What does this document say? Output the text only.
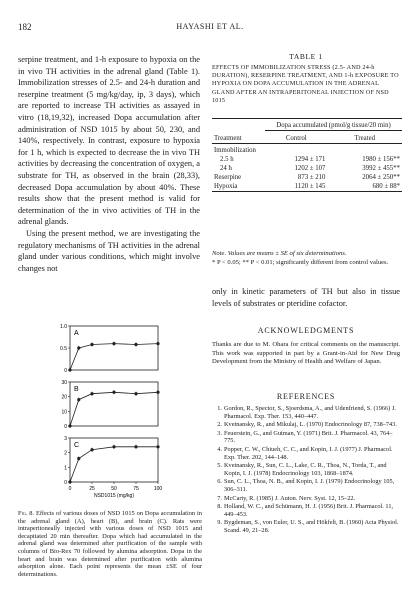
182	HAYASHI ET AL.

serpine treatment, and 1-h exposure to hypoxia on the in vivo TH activities in the adrenal gland (Table 1). Immobilization stresses of 2.5- and 24-h duration and reserpine treatment (5 mg/kg/day, ip, 3 days), which are reported to increase TH activities as assayed in vitro (18,19,32), increased Dopa accumulation after administration of NSD 1015 by about 50, 230, and 140%, respectively. In contrast, exposure to hypoxia for 1 h, which is expected to decrease the in vivo TH activities by decreasing the concentration of oxygen, a substrate for TH, as observed in the brain (28,33), decreased Dopa accumulation by about 40%. These results show that the present method is valid for determination of the in vivo activities of TH in the adrenal glands.

Using the present method, we are investigating the regulatory mechanisms of TH activities in the adrenal gland under various conditions, which might involve changes not

A
0
0.5
1.0
B
0
10
20
30
C
0
1
2
3
0	25	50	75	100
NSD1015 (mg/kg)
Fig. 8. Effects of various doses of NSD 1015 on Dopa accumulation in the adrenal gland (A), heart (B), and brain (C). Rats were intraperitoneally injected with various doses of NSD 1015 and decapitated 20 min thereafter. Dopa which had accumulated in the adrenal gland was determined after purification of the sample with columns of Bio-Rex 70 followed by alumina adsorption. Dopa in the heart and brain was determined after purification with alumina adsorption alone. Each point represents the mean ±SE of four determinations.
TABLE 1
EFFECTS OF IMMOBILIZATION STRESS (2.5- AND 24-h DURATION), RESERPINE TREATMENT, AND 1-h EXPOSURE TO HYPOXIA ON DOPA ACCUMULATION IN THE ADRENAL GLAND AFTER AN INTRAPERITONEAL INJECTION OF NSD 1015
	Dopa accumulated (pmol/g tissue/20 min)	
Treatment	Control	Treated
Immobilization		
2.5 h	1294 ± 171	1980 ± 156**
24 h	1202 ± 107	3992 ± 455**
Reserpine	873 ± 210	2064 ± 250**
Hypoxia	1120 ± 145	680 ± 88*
Note. Values are means ± SE of six determinations.
* P < 0.05; ** P < 0.01; significantly different from control values.
only in kinetic parameters of TH but also in tissue levels of substrates or pteridine cofactor.
ACKNOWLEDGMENTS
Thanks are due to M. Ohara for critical comments on the manuscript. This work was supported in part by a Grant-in-Aid for New Drug Development from the Ministry of Health and Welfare of Japan.
REFERENCES
1. Gordon, R., Spector, S., Sjoerdsma, A., and Udenfriend, S. (1966) J. Pharmacol. Exp. Ther. 153, 440–447.
2. Kvetnansky, R., and Mikulaj, L. (1970) Endocrinology 87, 738–743.
3. Feuerstein, G., and Gutman, Y. (1971) Brit. J. Pharmacol. 43, 764–775.
4. Popper, C. W., Chiueh, C. C., and Kopin, I. J. (1977) J. Pharmacol. Exp. Ther. 202, 144–148.
5. Kvetnansky, R., Sun, C. L., Lake, C. R., Thoa, N., Torda, T., and Kopin, I. J. (1978) Endocrinology 103, 1868–1874.
6. Sun, C. L., Thoa, N. B., and Kopin, I. J. (1979) Endocrinology 105, 306–311.
7. McCarty, R. (1985) J. Auton. Nerv. Syst. 12, 15–22.
8. Holland, W. C., and Schümann, H. J. (1956) Brit. J. Pharmacol. 11, 449–453.
9. Bygdeman, S., von Euler, U. S., and Hökfelt, B. (1960) Acta Physiol. Scand. 49, 21–28.
